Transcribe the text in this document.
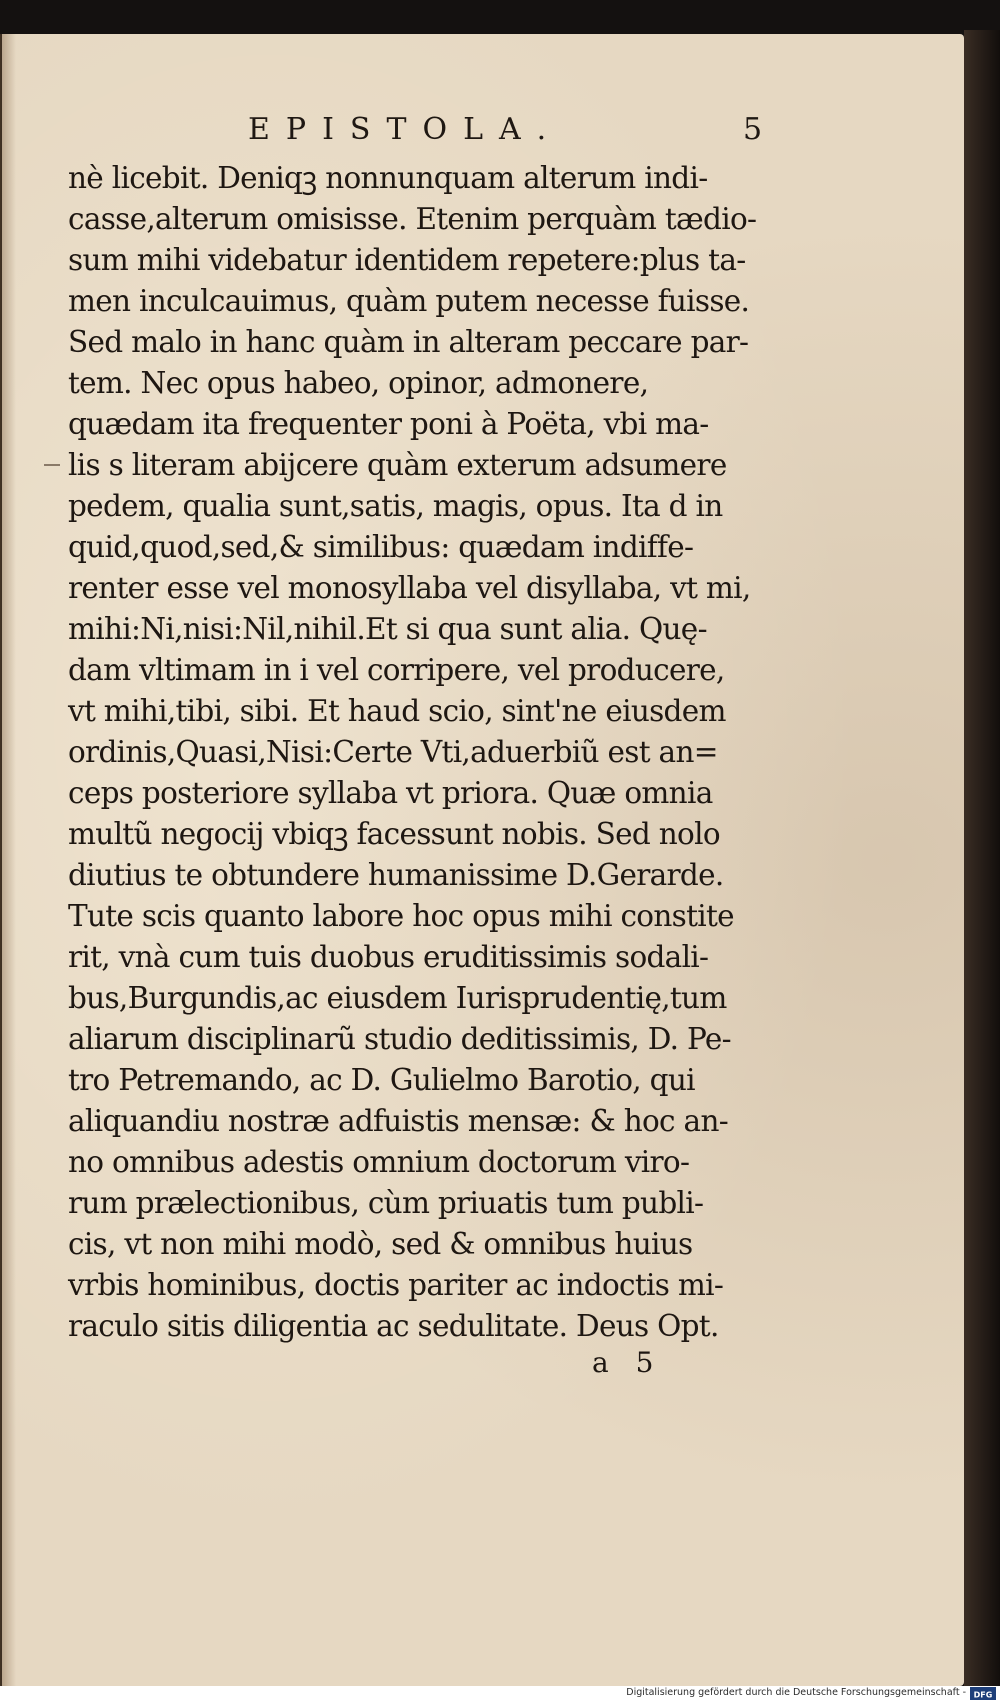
EPISTOLA.	5
nè licebit. Deniqꝫ nonnunquam alterum indi-
casse,alterum omisisse. Etenim perquàm tædio-
sum mihi videbatur identidem repetere:plus ta-
men inculcauimus, quàm putem necesse fuisse.
Sed malo in hanc quàm in alteram peccare par-
tem. Nec opus habeo, opinor, admonere,
quædam ita frequenter poni à Poëta, vbi ma-
lis s literam abijcere quàm exterum adsumere
pedem, qualia sunt,satis, magis, opus. Ita d in
quid,quod,sed,& similibus: quædam indiffe-
renter esse vel monosyllaba vel disyllaba, vt mi,
mihi:Ni,nisi:Nil,nihil.Et si qua sunt alia. Quę-
dam vltimam in i vel corripere, vel producere,
vt mihi,tibi, sibi. Et haud scio, sint'ne eiusdem
ordinis,Quasi,Nisi:Certe Vti,aduerbiũ est an=
ceps posteriore syllaba vt priora. Quæ omnia
multũ negocij vbiqꝫ facessunt nobis. Sed nolo
diutius te obtundere humanissime D.Gerarde.
Tute scis quanto labore hoc opus mihi constite
rit, vnà cum tuis duobus eruditissimis sodali-
bus,Burgundis,ac eiusdem Iurisprudentię,tum
aliarum disciplinarũ studio deditissimis, D. Pe-
tro Petremando, ac D. Gulielmo Barotio, qui
aliquandiu nostræ adfuistis mensæ: & hoc an-
no omnibus adestis omnium doctorum viro-
rum prælectionibus, cùm priuatis tum publi-
cis, vt non mihi modò, sed & omnibus huius
vrbis hominibus, doctis pariter ac indoctis mi-
raculo sitis diligentia ac sedulitate. Deus Opt.
a 5
Digitalisierung gefördert durch die Deutsche Forschungsgemeinschaft - DFG
